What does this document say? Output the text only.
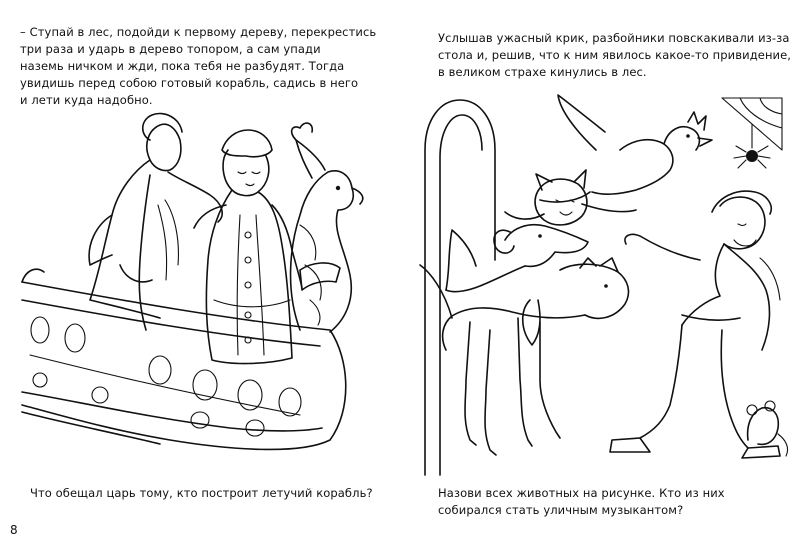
– Ступай в лес, подойди к первому дереву, перекрестись
три раза и ударь в дерево топором, а сам упади
наземь ничком и жди, пока тебя не разбудят. Тогда
увидишь перед собою готовый корабль, садись в него
и лети куда надобно.
Услышав ужасный крик, разбойники повскакивали из-за
стола и, решив, что к ним явилось какое-то привидение,
в великом страхе кинулись в лес.
Что обещал царь тому, кто построит летучий корабль?	Назови всех животных на рисунке. Кто из них
собирался стать уличным музыкантом?
8
